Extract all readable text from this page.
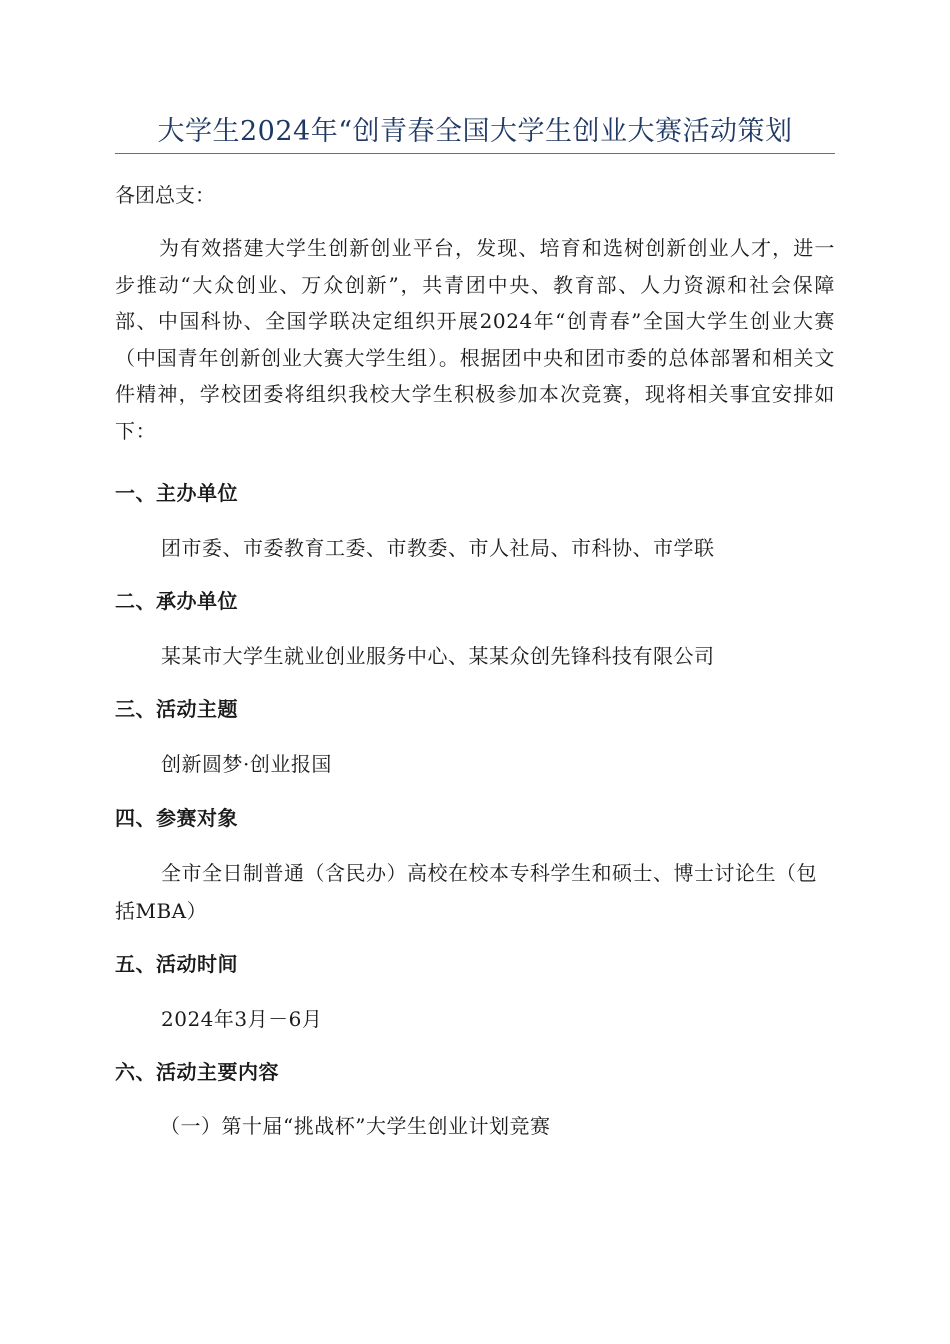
大学生2024年“创青春全国大学生创业大赛活动策划

各团总支：

为有效搭建大学生创新创业平台，发现、培育和选树创新创业人才，进一步推动“大众创业、万众创新”，共青团中央、教育部、人力资源和社会保障部、中国科协、全国学联决定组织开展2024年“创青春”全国大学生创业大赛（中国青年创新创业大赛大学生组）。根据团中央和团市委的总体部署和相关文件精神，学校团委将组织我校大学生积极参加本次竞赛，现将相关事宜安排如下：

一、主办单位

团市委、市委教育工委、市教委、市人社局、市科协、市学联

二、承办单位

某某市大学生就业创业服务中心、某某众创先锋科技有限公司

三、活动主题

创新圆梦·创业报国

四、参赛对象

全市全日制普通（含民办）高校在校本专科学生和硕士、博士讨论生（包括MBA）

五、活动时间

2024年3月－6月

六、活动主要内容

（一）第十届“挑战杯”大学生创业计划竞赛
